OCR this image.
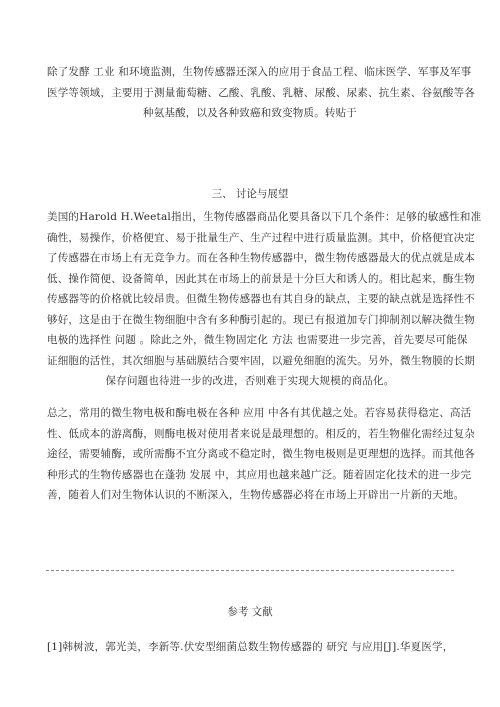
除了发酵 工业 和环境监测，生物传感器还深入的应用于食品工程、临床医学、军事及军事
医学等领域，主要用于测量葡萄糖、乙酸、乳酸、乳糖、尿酸、尿素、抗生素、谷氨酸等各
种氨基酸，以及各种致癌和致变物质。转贴于
三、 讨论与展望
美国的Harold H.Weetal指出，生物传感器商品化要具备以下几个条件：足够的敏感性和准
确性，易操作，价格便宜、易于批量生产、生产过程中进行质量监测。其中，价格便宜决定
了传感器在市场上有无竞争力。而在各种生物传感器中，微生物传感器最大的优点就是成本
低、操作简便、设备简单，因此其在市场上的前景是十分巨大和诱人的。相比起来，酶生物
传感器等的价格就比较昂贵。但微生物传感器也有其自身的缺点，主要的缺点就是选择性不
够好，这是由于在微生物细胞中含有多种酶引起的。现已有报道加专门抑制剂以解决微生物
电极的选择性 问题 。除此之外，微生物固定化 方法 也需要进一步完善，首先要尽可能保
证细胞的活性，其次细胞与基础膜结合要牢固，以避免细胞的流失。另外，微生物膜的长期
保存问题也待进一步的改进，否则难于实现大规模的商品化。
总之，常用的微生物电极和酶电极在各种 应用 中各有其优越之处。若容易获得稳定、高活
性、低成本的游离酶，则酶电极对使用者来说是最理想的。相反的，若生物催化需经过复杂
途径，需要辅酶，或所需酶不宜分离或不稳定时，微生物电极则是更理想的选择。而其他各
种形式的生物传感器也在蓬勃 发展 中，其应用也越来越广泛。随着固定化技术的进一步完
善，随着人们对生物体认识的不断深入，生物传感器必将在市场上开辟出一片新的天地。
参考 文献
[1]韩树波，郭光美，李新等.伏安型细菌总数生物传感器的 研究 与应用[J].华夏医学，
